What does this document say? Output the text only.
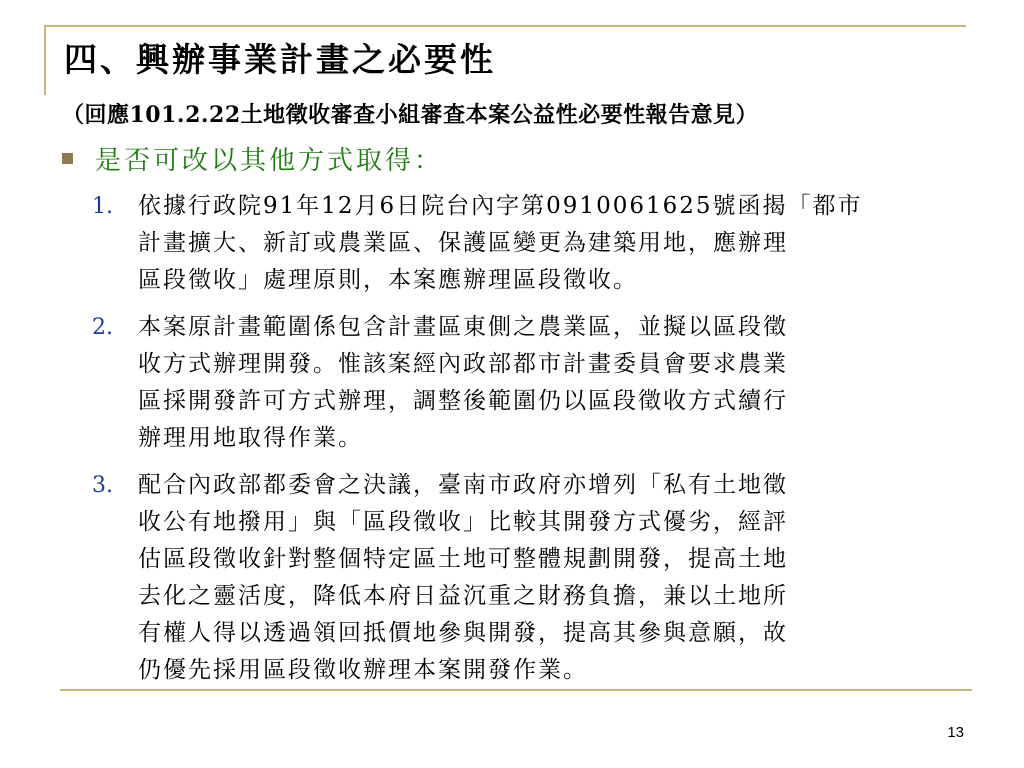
四、興辦事業計畫之必要性

（回應101.2.22土地徵收審查小組審查本案公益性必要性報告意見）

是否可改以其他方式取得：
1.	依據行政院91年12月6日院台內字第0910061625號函揭「都市
計畫擴大、新訂或農業區、保護區變更為建築用地，應辦理
區段徵收」處理原則，本案應辦理區段徵收。
2.	本案原計畫範圍係包含計畫區東側之農業區，並擬以區段徵
收方式辦理開發。惟該案經內政部都市計畫委員會要求農業
區採開發許可方式辦理，調整後範圍仍以區段徵收方式續行
辦理用地取得作業。
3.	配合內政部都委會之決議，臺南市政府亦增列「私有土地徵
收公有地撥用」與「區段徵收」比較其開發方式優劣，經評
估區段徵收針對整個特定區土地可整體規劃開發，提高土地
去化之靈活度，降低本府日益沉重之財務負擔，兼以土地所
有權人得以透過領回抵價地參與開發，提高其參與意願，故
仍優先採用區段徵收辦理本案開發作業。
13
